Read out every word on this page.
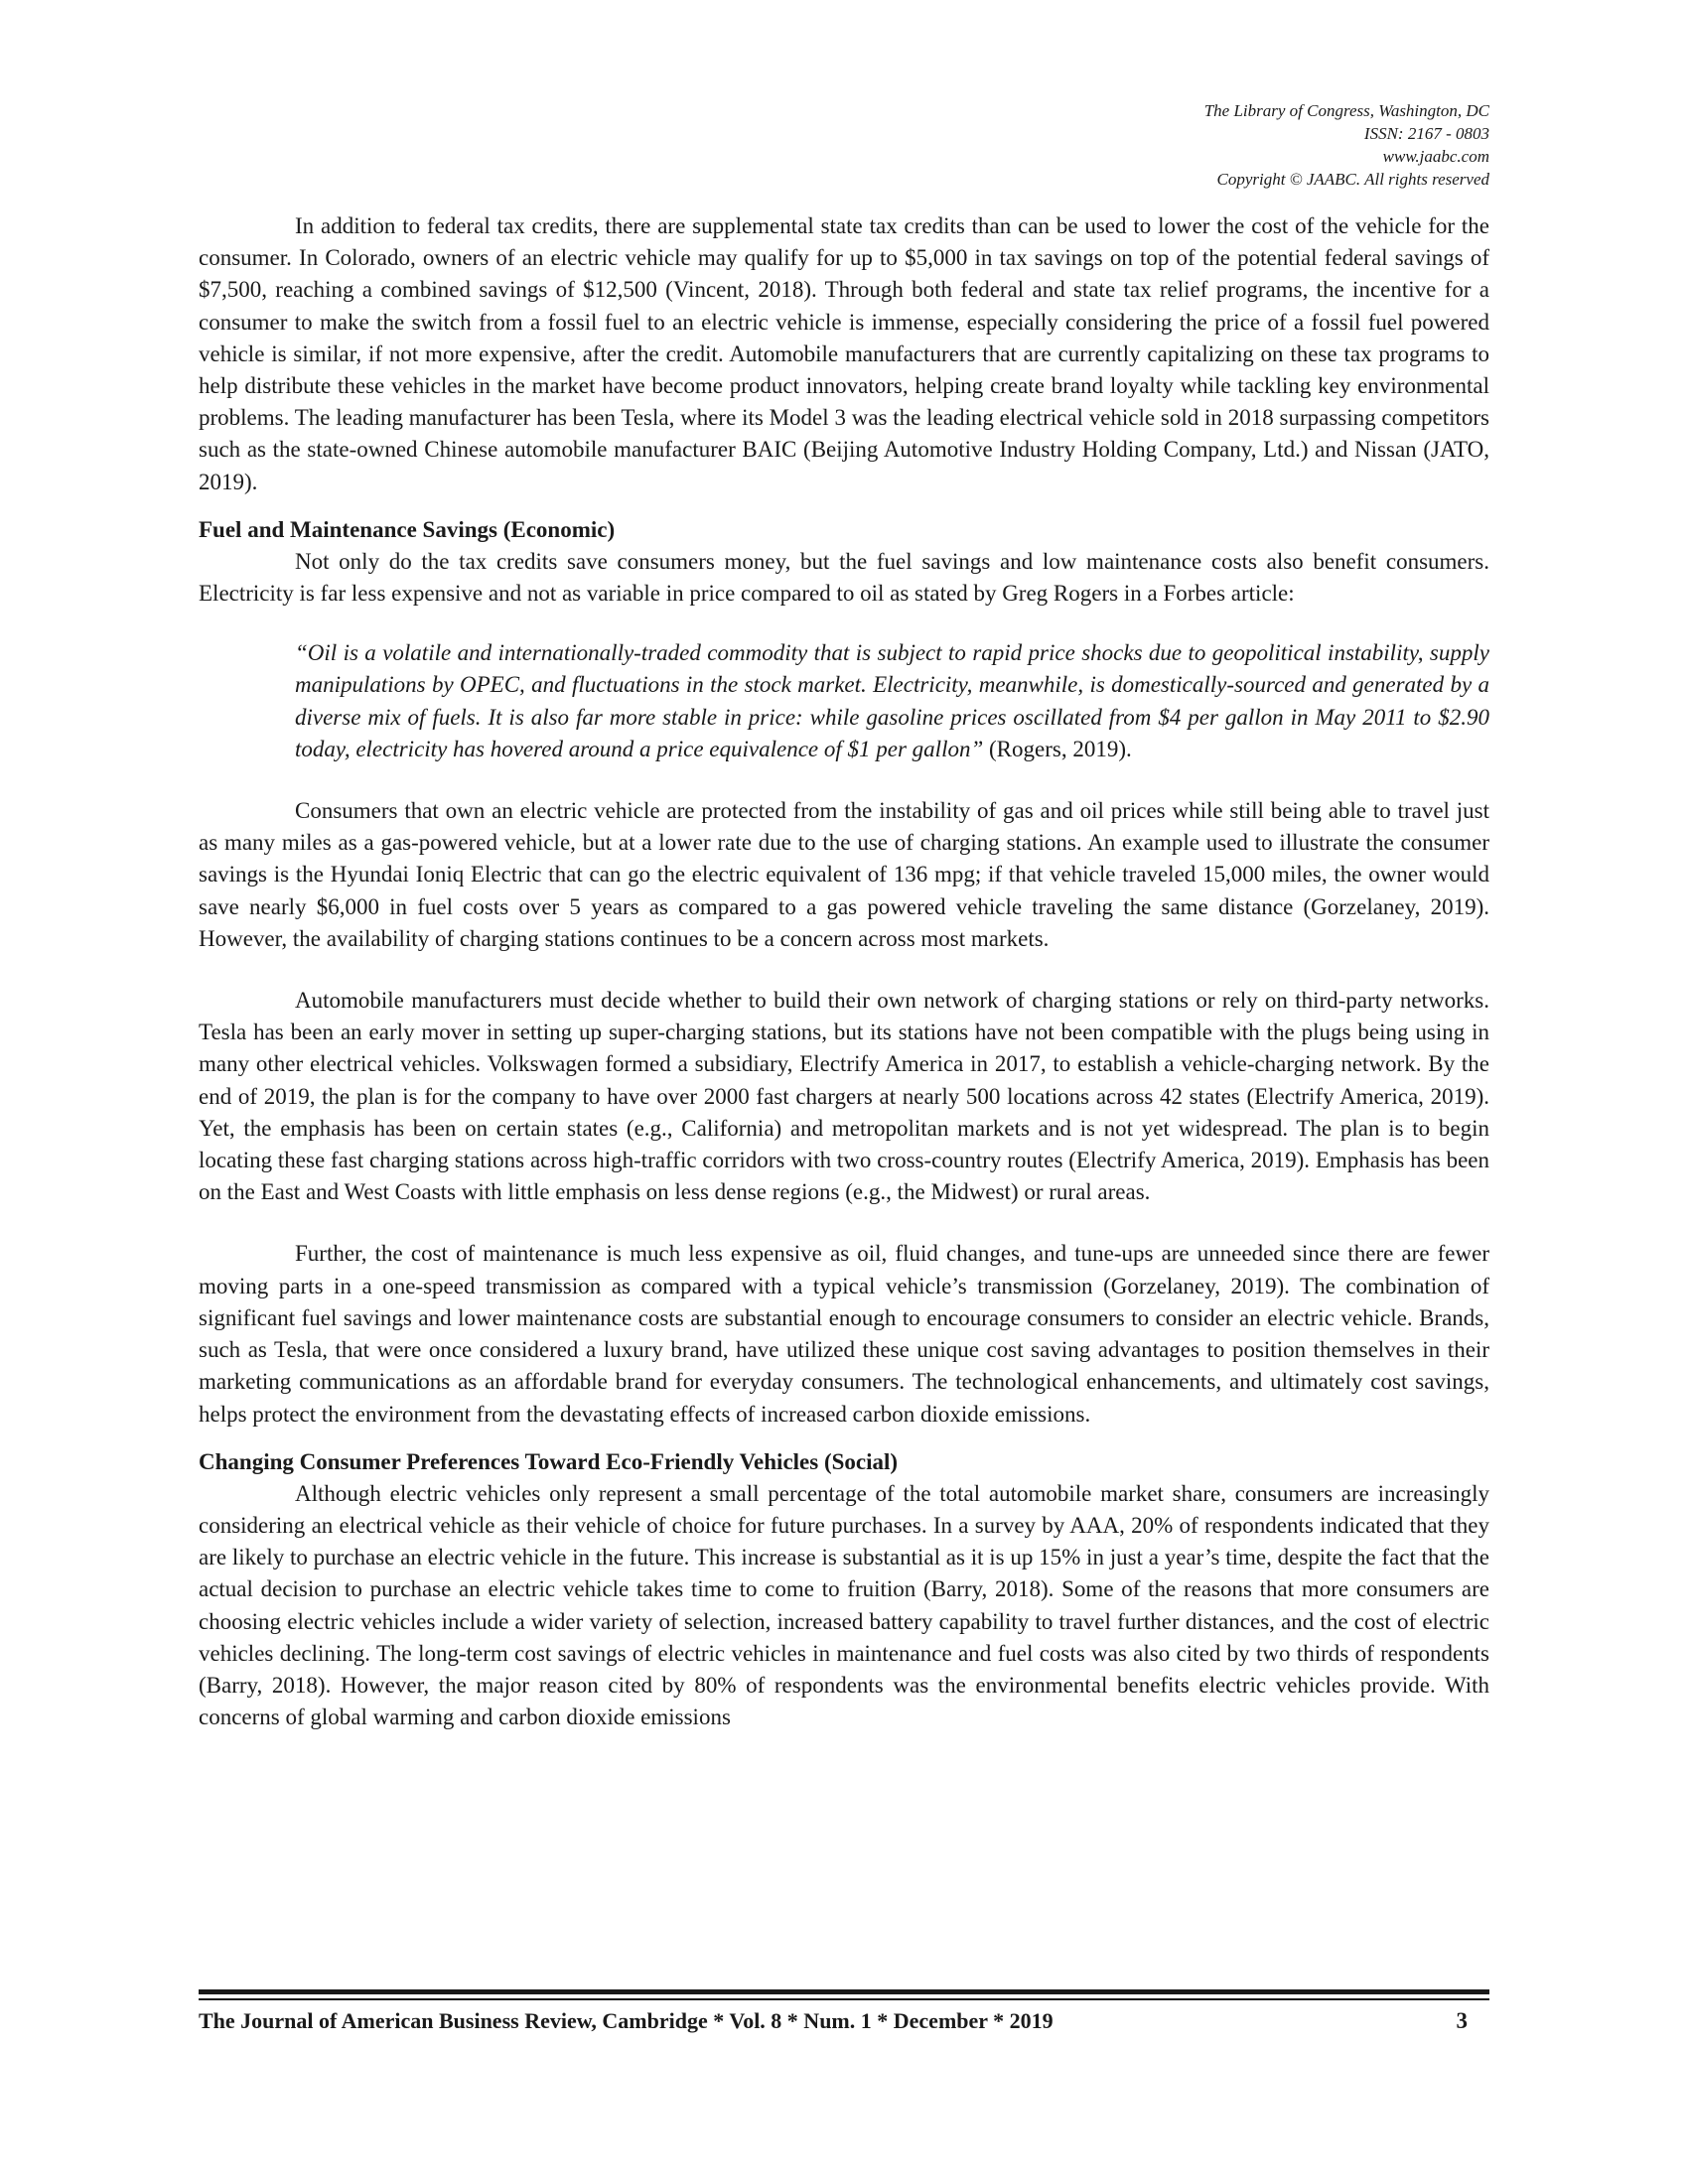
The Library of Congress, Washington, DC
ISSN: 2167 - 0803
www.jaabc.com
Copyright © JAABC. All rights reserved

In addition to federal tax credits, there are supplemental state tax credits than can be used to lower the cost of the vehicle for the consumer. In Colorado, owners of an electric vehicle may qualify for up to $5,000 in tax savings on top of the potential federal savings of $7,500, reaching a combined savings of $12,500 (Vincent, 2018). Through both federal and state tax relief programs, the incentive for a consumer to make the switch from a fossil fuel to an electric vehicle is immense, especially considering the price of a fossil fuel powered vehicle is similar, if not more expensive, after the credit. Automobile manufacturers that are currently capitalizing on these tax programs to help distribute these vehicles in the market have become product innovators, helping create brand loyalty while tackling key environmental problems. The leading manufacturer has been Tesla, where its Model 3 was the leading electrical vehicle sold in 2018 surpassing competitors such as the state-owned Chinese automobile manufacturer BAIC (Beijing Automotive Industry Holding Company, Ltd.) and Nissan (JATO, 2019).

Fuel and Maintenance Savings (Economic)

Not only do the tax credits save consumers money, but the fuel savings and low maintenance costs also benefit consumers. Electricity is far less expensive and not as variable in price compared to oil as stated by Greg Rogers in a Forbes article:

“Oil is a volatile and internationally-traded commodity that is subject to rapid price shocks due to geopolitical instability, supply manipulations by OPEC, and fluctuations in the stock market. Electricity, meanwhile, is domestically-sourced and generated by a diverse mix of fuels. It is also far more stable in price: while gasoline prices oscillated from $4 per gallon in May 2011 to $2.90 today, electricity has hovered around a price equivalence of $1 per gallon” (Rogers, 2019).

Consumers that own an electric vehicle are protected from the instability of gas and oil prices while still being able to travel just as many miles as a gas-powered vehicle, but at a lower rate due to the use of charging stations. An example used to illustrate the consumer savings is the Hyundai Ioniq Electric that can go the electric equivalent of 136 mpg; if that vehicle traveled 15,000 miles, the owner would save nearly $6,000 in fuel costs over 5 years as compared to a gas powered vehicle traveling the same distance (Gorzelaney, 2019). However, the availability of charging stations continues to be a concern across most markets.

Automobile manufacturers must decide whether to build their own network of charging stations or rely on third-party networks. Tesla has been an early mover in setting up super-charging stations, but its stations have not been compatible with the plugs being using in many other electrical vehicles. Volkswagen formed a subsidiary, Electrify America in 2017, to establish a vehicle-charging network. By the end of 2019, the plan is for the company to have over 2000 fast chargers at nearly 500 locations across 42 states (Electrify America, 2019). Yet, the emphasis has been on certain states (e.g., California) and metropolitan markets and is not yet widespread. The plan is to begin locating these fast charging stations across high-traffic corridors with two cross-country routes (Electrify America, 2019). Emphasis has been on the East and West Coasts with little emphasis on less dense regions (e.g., the Midwest) or rural areas.

Further, the cost of maintenance is much less expensive as oil, fluid changes, and tune-ups are unneeded since there are fewer moving parts in a one-speed transmission as compared with a typical vehicle’s transmission (Gorzelaney, 2019). The combination of significant fuel savings and lower maintenance costs are substantial enough to encourage consumers to consider an electric vehicle. Brands, such as Tesla, that were once considered a luxury brand, have utilized these unique cost saving advantages to position themselves in their marketing communications as an affordable brand for everyday consumers. The technological enhancements, and ultimately cost savings, helps protect the environment from the devastating effects of increased carbon dioxide emissions.

Changing Consumer Preferences Toward Eco-Friendly Vehicles (Social)

Although electric vehicles only represent a small percentage of the total automobile market share, consumers are increasingly considering an electrical vehicle as their vehicle of choice for future purchases. In a survey by AAA, 20% of respondents indicated that they are likely to purchase an electric vehicle in the future. This increase is substantial as it is up 15% in just a year’s time, despite the fact that the actual decision to purchase an electric vehicle takes time to come to fruition (Barry, 2018). Some of the reasons that more consumers are choosing electric vehicles include a wider variety of selection, increased battery capability to travel further distances, and the cost of electric vehicles declining. The long-term cost savings of electric vehicles in maintenance and fuel costs was also cited by two thirds of respondents (Barry, 2018). However, the major reason cited by 80% of respondents was the environmental benefits electric vehicles provide. With concerns of global warming and carbon dioxide emissions

The Journal of American Business Review, Cambridge * Vol. 8 * Num. 1 * December * 2019	3
